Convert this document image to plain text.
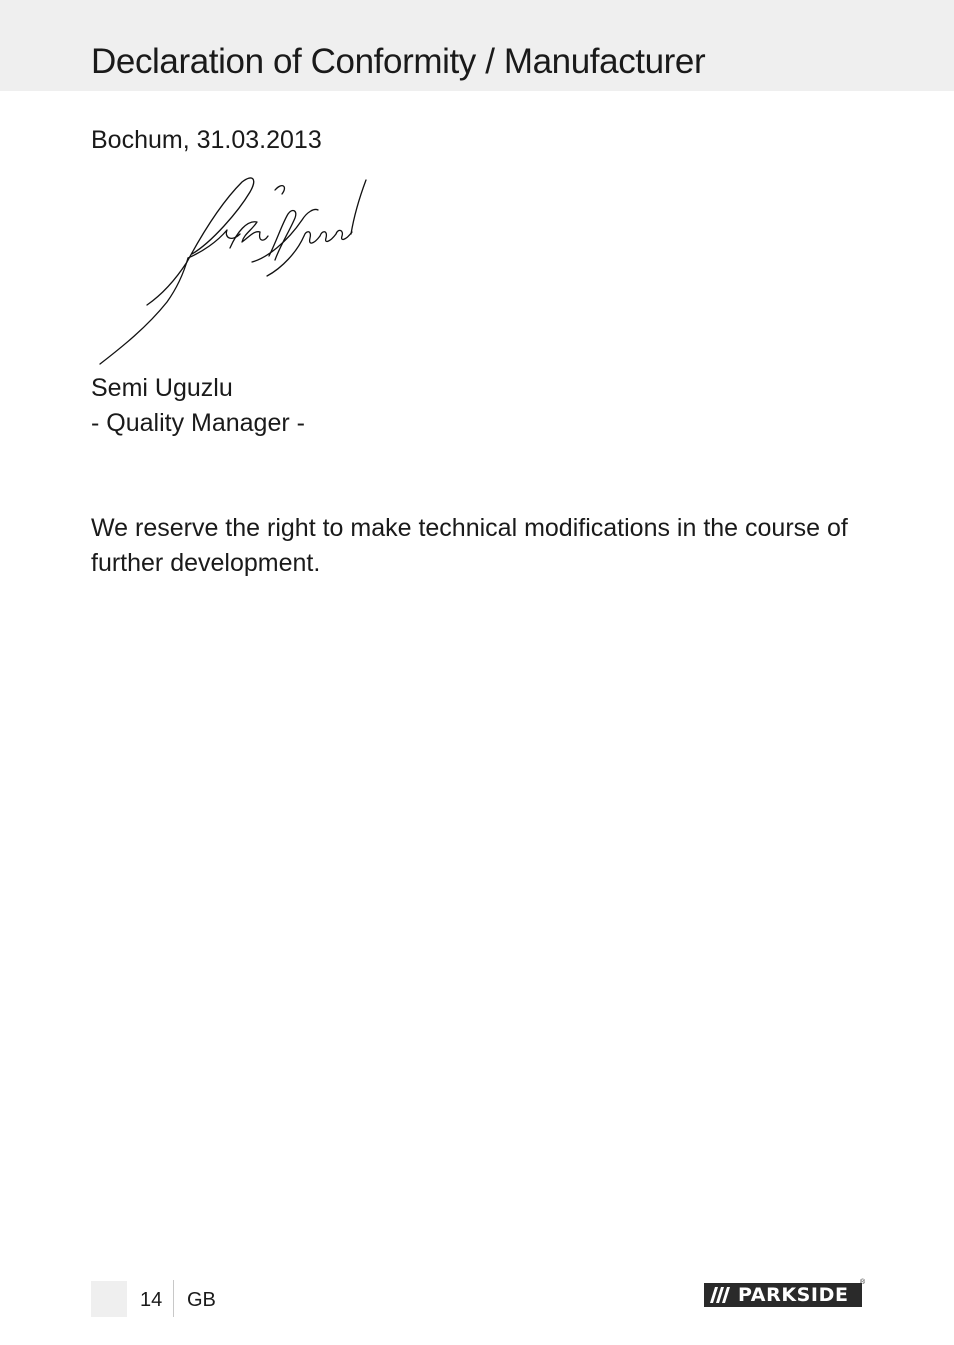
Declaration of Conformity / Manufacturer
Bochum, 31.03.2013
Semi Uguzlu
- Quality Manager -

We reserve the right to make technical modifications in the course of further development.

14 GB	PARKSIDE
®
